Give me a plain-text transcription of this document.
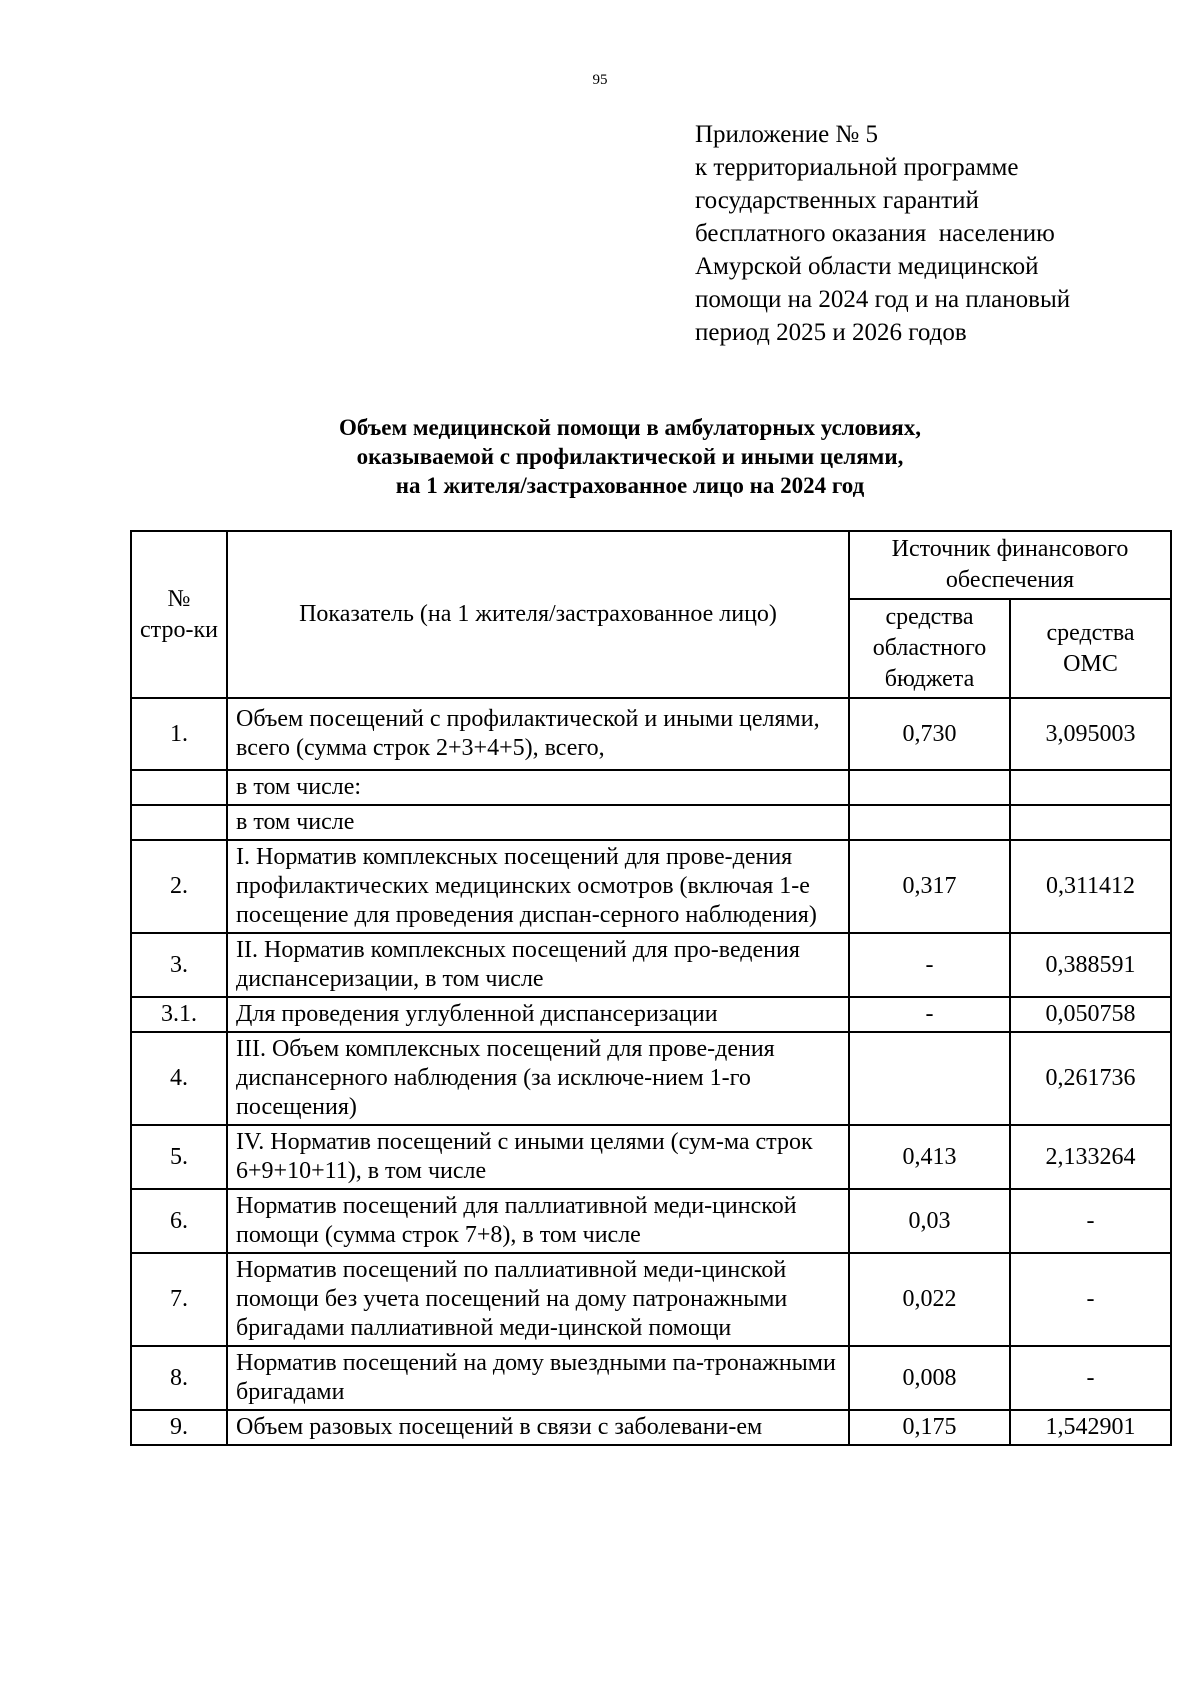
95
Приложение № 5
к территориальной программе
государственных гарантий
бесплатного оказания  населению
Амурской области медицинской
помощи на 2024 год и на плановый
период 2025 и 2026 годов
Объем медицинской помощи в амбулаторных условиях,
оказываемой с профилактической и иными целями,
на 1 жителя/застрахованное лицо на 2024 год
№ стро-ки	Показатель (на 1 жителя/застрахованное лицо)	Источник финансового обеспечения	
		средства областного бюджета	средства ОМС
1.	Объем посещений с профилактической и иными целями, всего (сумма строк 2+3+4+5), всего,	0,730	3,095003
	в том числе:		
	в том числе		
2.	I. Норматив комплексных посещений для прове-дения профилактических медицинских осмотров (включая 1-е посещение для проведения диспан-серного наблюдения)	0,317	0,311412
3.	II. Норматив комплексных посещений для про-ведения диспансеризации, в том числе	-	0,388591
3.1.	Для проведения углубленной диспансеризации	-	0,050758
4.	III. Объем комплексных посещений для прове-дения диспансерного наблюдения (за исключе-нием 1-го посещения)		0,261736
5.	IV. Норматив посещений с иными целями (сум-ма строк 6+9+10+11), в том числе	0,413	2,133264
6.	Норматив посещений для паллиативной меди-цинской помощи (сумма строк 7+8), в том числе	0,03	-
7.	Норматив посещений по паллиативной меди-цинской помощи без учета посещений на дому патронажными бригадами паллиативной меди-цинской помощи	0,022	-
8.	Норматив посещений на дому выездными па-тронажными бригадами	0,008	-
9.	Объем разовых посещений в связи с заболевани-ем	0,175	1,542901
